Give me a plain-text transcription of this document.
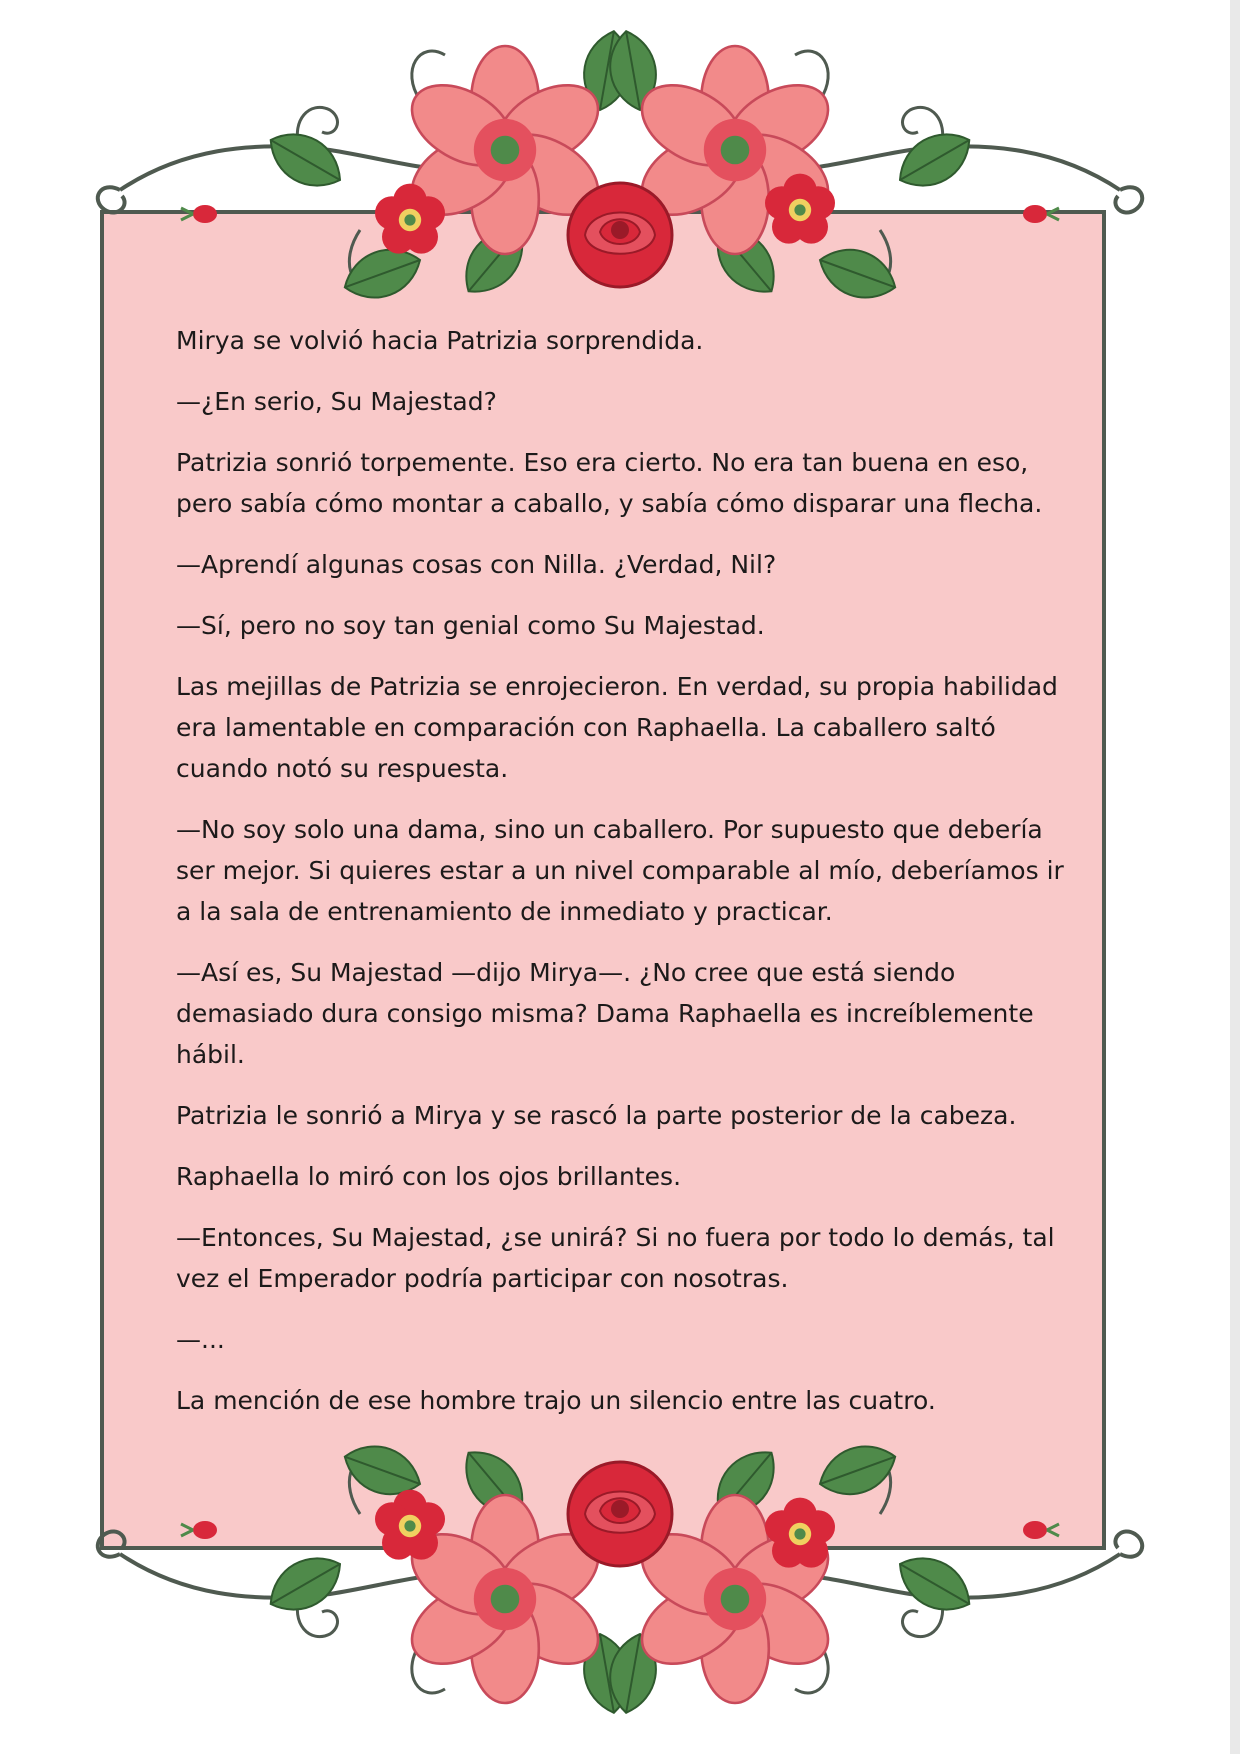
Mirya se volvió hacia Patrizia sorprendida.

—¿En serio, Su Majestad?

Patrizia sonrió torpemente. Eso era cierto. No era tan buena en eso, pero sabía cómo montar a caballo, y sabía cómo disparar una flecha.

—Aprendí algunas cosas con Nilla. ¿Verdad, Nil?

—Sí, pero no soy tan genial como Su Majestad.

Las mejillas de Patrizia se enrojecieron. En verdad, su propia habilidad era lamentable en comparación con Raphaella. La caballero saltó cuando notó su respuesta.

—No soy solo una dama, sino un caballero. Por supuesto que debería ser mejor. Si quieres estar a un nivel comparable al mío, deberíamos ir a la sala de entrenamiento de inmediato y practicar.

—Así es, Su Majestad —dijo Mirya—. ¿No cree que está siendo demasiado dura consigo misma? Dama Raphaella es increíblemente hábil.

Patrizia le sonrió a Mirya y se rascó la parte posterior de la cabeza.

Raphaella lo miró con los ojos brillantes.

—Entonces, Su Majestad, ¿se unirá? Si no fuera por todo lo demás, tal vez el Emperador podría participar con nosotras.

—...

La mención de ese hombre trajo un silencio entre las cuatro.
